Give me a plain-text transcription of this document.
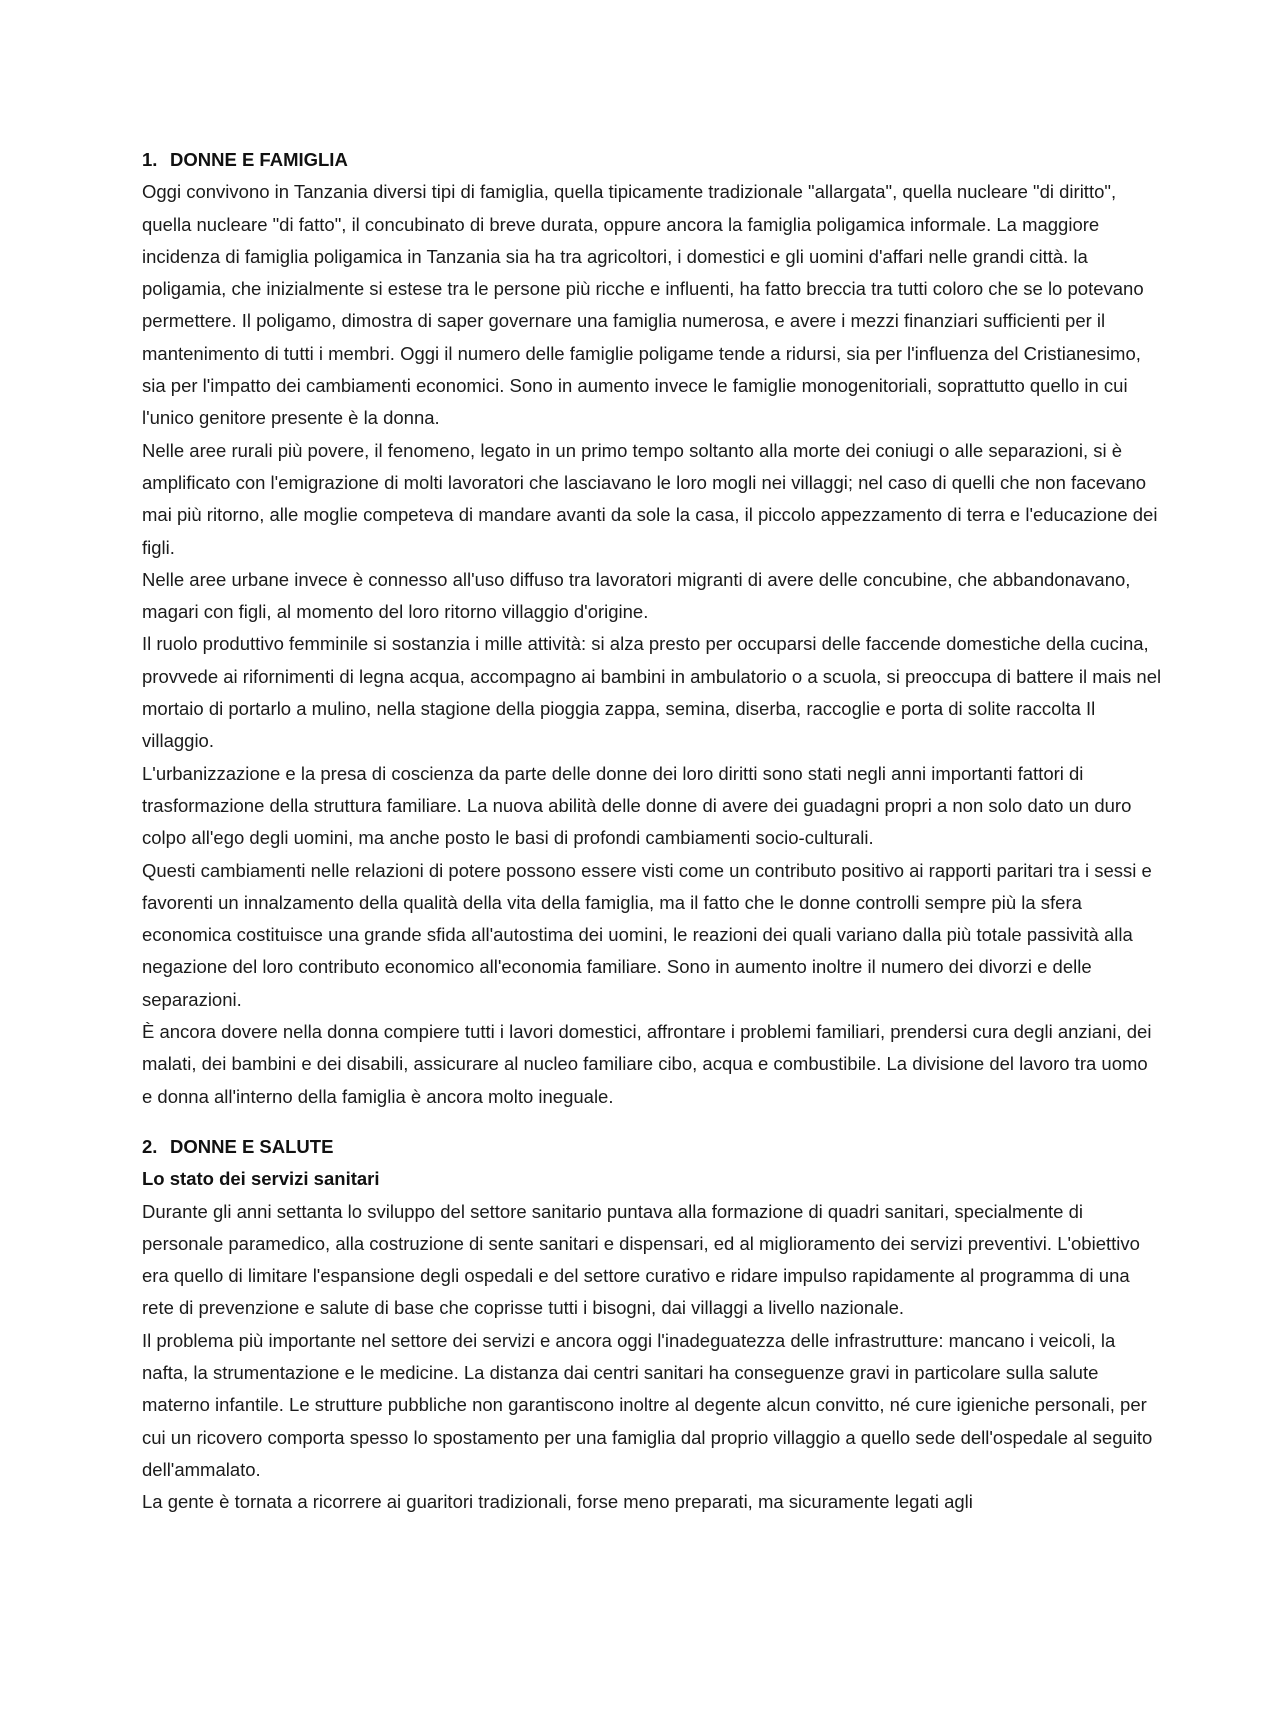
1. DONNE E FAMIGLIA

Oggi convivono in Tanzania diversi tipi di famiglia, quella tipicamente tradizionale "allargata", quella nucleare "di diritto", quella nucleare "di fatto", il concubinato di breve durata, oppure ancora la famiglia poligamica informale. La maggiore incidenza di famiglia poligamica in Tanzania sia ha tra agricoltori, i domestici e gli uomini d'affari nelle grandi città. la poligamia, che inizialmente si estese tra le persone più ricche e influenti, ha fatto breccia tra tutti coloro che se lo potevano permettere. Il poligamo, dimostra di saper governare una famiglia numerosa, e avere i mezzi finanziari sufficienti per il mantenimento di tutti i membri. Oggi il numero delle famiglie poligame tende a ridursi, sia per l'influenza del Cristianesimo, sia per l'impatto dei cambiamenti economici. Sono in aumento invece le famiglie monogenitoriali, soprattutto quello in cui l'unico genitore presente è la donna.

Nelle aree rurali più povere, il fenomeno, legato in un primo tempo soltanto alla morte dei coniugi o alle separazioni, si è amplificato con l'emigrazione di molti lavoratori che lasciavano le loro mogli nei villaggi; nel caso di quelli che non facevano mai più ritorno, alle moglie competeva di mandare avanti da sole la casa, il piccolo appezzamento di terra e l'educazione dei figli.

Nelle aree urbane invece è connesso all'uso diffuso tra lavoratori migranti di avere delle concubine, che abbandonavano, magari con figli, al momento del loro ritorno villaggio d'origine.

Il ruolo produttivo femminile si sostanzia i mille attività: si alza presto per occuparsi delle faccende domestiche della cucina, provvede ai rifornimenti di legna acqua, accompagno ai bambini in ambulatorio o a scuola, si preoccupa di battere il mais nel mortaio di portarlo a mulino, nella stagione della pioggia zappa, semina, diserba, raccoglie e porta di solite raccolta Il villaggio.

L'urbanizzazione e la presa di coscienza da parte delle donne dei loro diritti sono stati negli anni importanti fattori di trasformazione della struttura familiare. La nuova abilità delle donne di avere dei guadagni propri a non solo dato un duro colpo all'ego degli uomini, ma anche posto le basi di profondi cambiamenti socio-culturali.

Questi cambiamenti nelle relazioni di potere possono essere visti come un contributo positivo ai rapporti paritari tra i sessi e favorenti un innalzamento della qualità della vita della famiglia, ma il fatto che le donne controlli sempre più la sfera economica costituisce una grande sfida all'autostima dei uomini, le reazioni dei quali variano dalla più totale passività alla negazione del loro contributo economico all'economia familiare. Sono in aumento inoltre il numero dei divorzi e delle separazioni.

È ancora dovere nella donna compiere tutti i lavori domestici, affrontare i problemi familiari, prendersi cura degli anziani, dei malati, dei bambini e dei disabili, assicurare al nucleo familiare cibo, acqua e combustibile. La divisione del lavoro tra uomo e donna all'interno della famiglia è ancora molto ineguale.

2. DONNE E SALUTE
Lo stato dei servizi sanitari

Durante gli anni settanta lo sviluppo del settore sanitario puntava alla formazione di quadri sanitari, specialmente di personale paramedico, alla costruzione di sente sanitari e dispensari, ed al miglioramento dei servizi preventivi. L'obiettivo era quello di limitare l'espansione degli ospedali e del settore curativo e ridare impulso rapidamente al programma di una rete di prevenzione e salute di base che coprisse tutti i bisogni, dai villaggi a livello nazionale.

Il problema più importante nel settore dei servizi e ancora oggi l'inadeguatezza delle infrastrutture: mancano i veicoli, la nafta, la strumentazione e le medicine. La distanza dai centri sanitari ha conseguenze gravi in particolare sulla salute materno infantile. Le strutture pubbliche non garantiscono inoltre al degente alcun convitto, né cure igieniche personali, per cui un ricovero comporta spesso lo spostamento per una famiglia dal proprio villaggio a quello sede dell'ospedale al seguito dell'ammalato.

La gente è tornata a ricorrere ai guaritori tradizionali, forse meno preparati, ma sicuramente legati agli
